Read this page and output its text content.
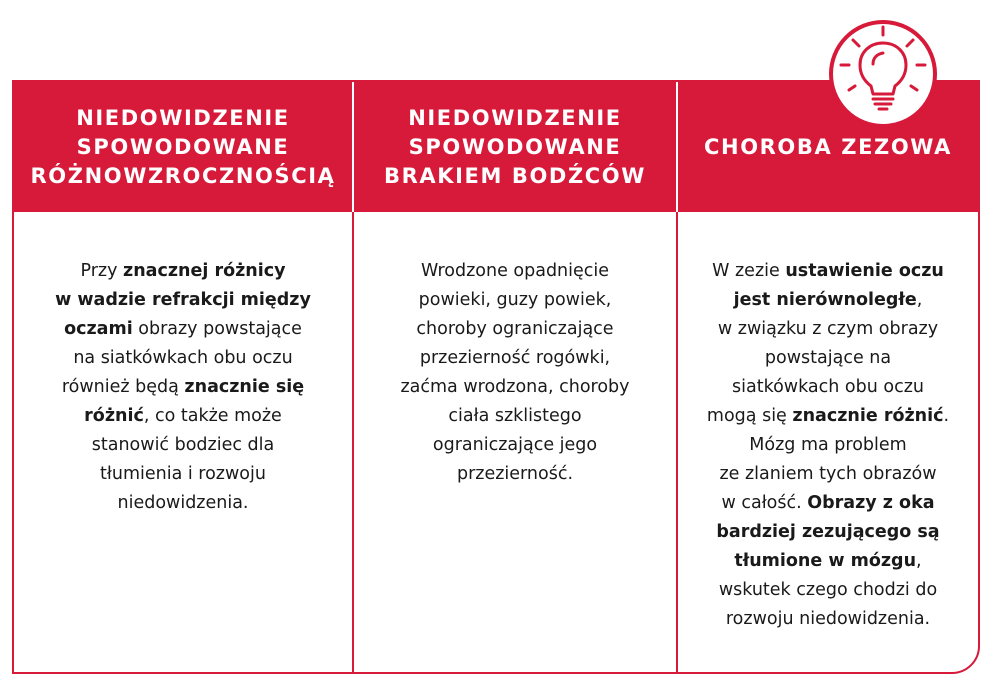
NIEDOWIDZENIE
SPOWODOWANE
RÓŻNOWZROCZNOŚCIĄ
Przy znacznej różnicy
w wadzie refrakcji między
oczami obrazy powstające
na siatkówkach obu oczu
również będą znacznie się
różnić, co także może
stanowić bodziec dla
tłumienia i rozwoju
niedowidzenia.
NIEDOWIDZENIE
SPOWODOWANE
BRAKIEM BODŹCÓW
Wrodzone opadnięcie
powieki, guzy powiek,
choroby ograniczające
przezierność rogówki,
zaćma wrodzona, choroby
ciała szklistego
ograniczające jego
przezierność.
CHOROBA ZEZOWA
W zezie ustawienie oczu
jest nierównoległe,
w związku z czym obrazy
powstające na
siatkówkach obu oczu
mogą się znacznie różnić.
Mózg ma problem
ze zlaniem tych obrazów
w całość. Obrazy z oka
bardziej zezującego są
tłumione w mózgu,
wskutek czego chodzi do
rozwoju niedowidzenia.
